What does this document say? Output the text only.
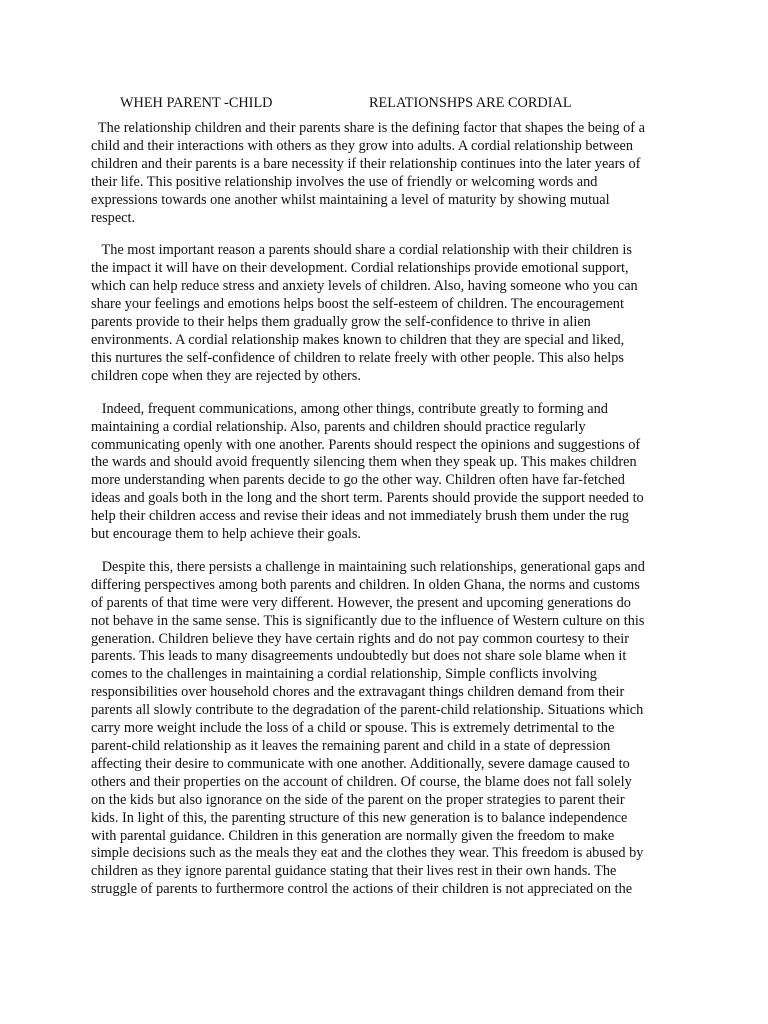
WHEH PARENT -CHILD	RELATIONSHPS ARE CORDIAL
The relationship children and their parents share is the defining factor that shapes the being of a
child and their interactions with others as they grow into adults. A cordial relationship between
children and their parents is a bare necessity if their relationship continues into the later years of
their life. This positive relationship involves the use of friendly or welcoming words and
expressions towards one another whilst maintaining a level of maturity by showing mutual
respect.
The most important reason a parents should share a cordial relationship with their children is
the impact it will have on their development. Cordial relationships provide emotional support,
which can help reduce stress and anxiety levels of children. Also, having someone who you can
share your feelings and emotions helps boost the self-esteem of children. The encouragement
parents provide to their helps them gradually grow the self-confidence to thrive in alien
environments. A cordial relationship makes known to children that they are special and liked,
this nurtures the self-confidence of children to relate freely with other people. This also helps
children cope when they are rejected by others.
Indeed, frequent communications, among other things, contribute greatly to forming and
maintaining a cordial relationship. Also, parents and children should practice regularly
communicating openly with one another. Parents should respect the opinions and suggestions of
the wards and should avoid frequently silencing them when they speak up. This makes children
more understanding when parents decide to go the other way. Children often have far-fetched
ideas and goals both in the long and the short term. Parents should provide the support needed to
help their children access and revise their ideas and not immediately brush them under the rug
but encourage them to help achieve their goals.
Despite this, there persists a challenge in maintaining such relationships, generational gaps and
differing perspectives among both parents and children. In olden Ghana, the norms and customs
of parents of that time were very different. However, the present and upcoming generations do
not behave in the same sense. This is significantly due to the influence of Western culture on this
generation. Children believe they have certain rights and do not pay common courtesy to their
parents. This leads to many disagreements undoubtedly but does not share sole blame when it
comes to the challenges in maintaining a cordial relationship, Simple conflicts involving
responsibilities over household chores and the extravagant things children demand from their
parents all slowly contribute to the degradation of the parent-child relationship. Situations which
carry more weight include the loss of a child or spouse. This is extremely detrimental to the
parent-child relationship as it leaves the remaining parent and child in a state of depression
affecting their desire to communicate with one another. Additionally, severe damage caused to
others and their properties on the account of children. Of course, the blame does not fall solely
on the kids but also ignorance on the side of the parent on the proper strategies to parent their
kids. In light of this, the parenting structure of this new generation is to balance independence
with parental guidance. Children in this generation are normally given the freedom to make
simple decisions such as the meals they eat and the clothes they wear. This freedom is abused by
children as they ignore parental guidance stating that their lives rest in their own hands. The
struggle of parents to furthermore control the actions of their children is not appreciated on the
